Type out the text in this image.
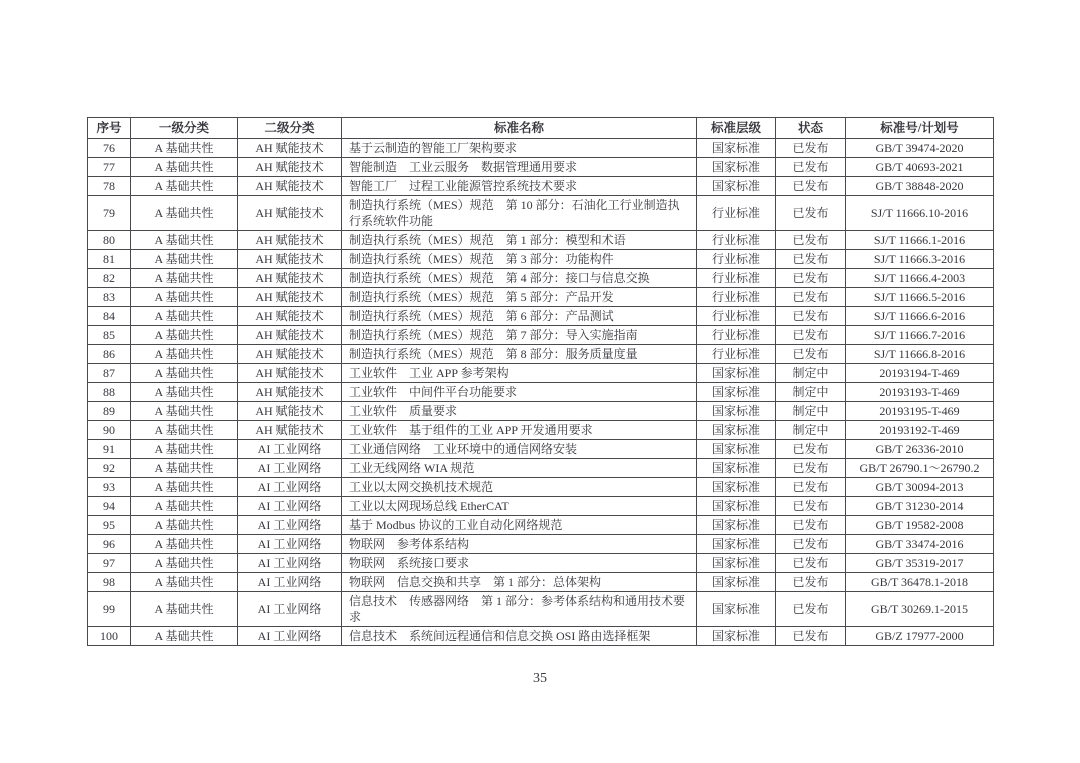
序号	一级分类	二级分类	标准名称	标准层级	状态	标准号/计划号
76	A 基础共性	AH 赋能技术	基于云制造的智能工厂架构要求	国家标准	已发布	GB/T 39474-2020
77	A 基础共性	AH 赋能技术	智能制造　工业云服务　数据管理通用要求	国家标准	已发布	GB/T 40693-2021
78	A 基础共性	AH 赋能技术	智能工厂　过程工业能源管控系统技术要求	国家标准	已发布	GB/T 38848-2020
79	A 基础共性	AH 赋能技术	制造执行系统（MES）规范　第 10 部分：石油化工行业制造执行系统软件功能	行业标准	已发布	SJ/T 11666.10-2016
80	A 基础共性	AH 赋能技术	制造执行系统（MES）规范　第 1 部分：模型和术语	行业标准	已发布	SJ/T 11666.1-2016
81	A 基础共性	AH 赋能技术	制造执行系统（MES）规范　第 3 部分：功能构件	行业标准	已发布	SJ/T 11666.3-2016
82	A 基础共性	AH 赋能技术	制造执行系统（MES）规范　第 4 部分：接口与信息交换	行业标准	已发布	SJ/T 11666.4-2003
83	A 基础共性	AH 赋能技术	制造执行系统（MES）规范　第 5 部分：产品开发	行业标准	已发布	SJ/T 11666.5-2016
84	A 基础共性	AH 赋能技术	制造执行系统（MES）规范　第 6 部分：产品测试	行业标准	已发布	SJ/T 11666.6-2016
85	A 基础共性	AH 赋能技术	制造执行系统（MES）规范　第 7 部分：导入实施指南	行业标准	已发布	SJ/T 11666.7-2016
86	A 基础共性	AH 赋能技术	制造执行系统（MES）规范　第 8 部分：服务质量度量	行业标准	已发布	SJ/T 11666.8-2016
87	A 基础共性	AH 赋能技术	工业软件　工业 APP 参考架构	国家标准	制定中	20193194-T-469
88	A 基础共性	AH 赋能技术	工业软件　中间件平台功能要求	国家标准	制定中	20193193-T-469
89	A 基础共性	AH 赋能技术	工业软件　质量要求	国家标准	制定中	20193195-T-469
90	A 基础共性	AH 赋能技术	工业软件　基于组件的工业 APP 开发通用要求	国家标准	制定中	20193192-T-469
91	A 基础共性	AI 工业网络	工业通信网络　工业环境中的通信网络安装	国家标准	已发布	GB/T 26336-2010
92	A 基础共性	AI 工业网络	工业无线网络 WIA 规范	国家标准	已发布	GB/T 26790.1～26790.2
93	A 基础共性	AI 工业网络	工业以太网交换机技术规范	国家标准	已发布	GB/T 30094-2013
94	A 基础共性	AI 工业网络	工业以太网现场总线 EtherCAT	国家标准	已发布	GB/T 31230-2014
95	A 基础共性	AI 工业网络	基于 Modbus 协议的工业自动化网络规范	国家标准	已发布	GB/T 19582-2008
96	A 基础共性	AI 工业网络	物联网　参考体系结构	国家标准	已发布	GB/T 33474-2016
97	A 基础共性	AI 工业网络	物联网　系统接口要求	国家标准	已发布	GB/T 35319-2017
98	A 基础共性	AI 工业网络	物联网　信息交换和共享　第 1 部分：总体架构	国家标准	已发布	GB/T 36478.1-2018
99	A 基础共性	AI 工业网络	信息技术　传感器网络　第 1 部分：参考体系结构和通用技术要求	国家标准	已发布	GB/T 30269.1-2015
100	A 基础共性	AI 工业网络	信息技术　系统间远程通信和信息交换 OSI 路由选择框架	国家标准	已发布	GB/Z 17977-2000
35
